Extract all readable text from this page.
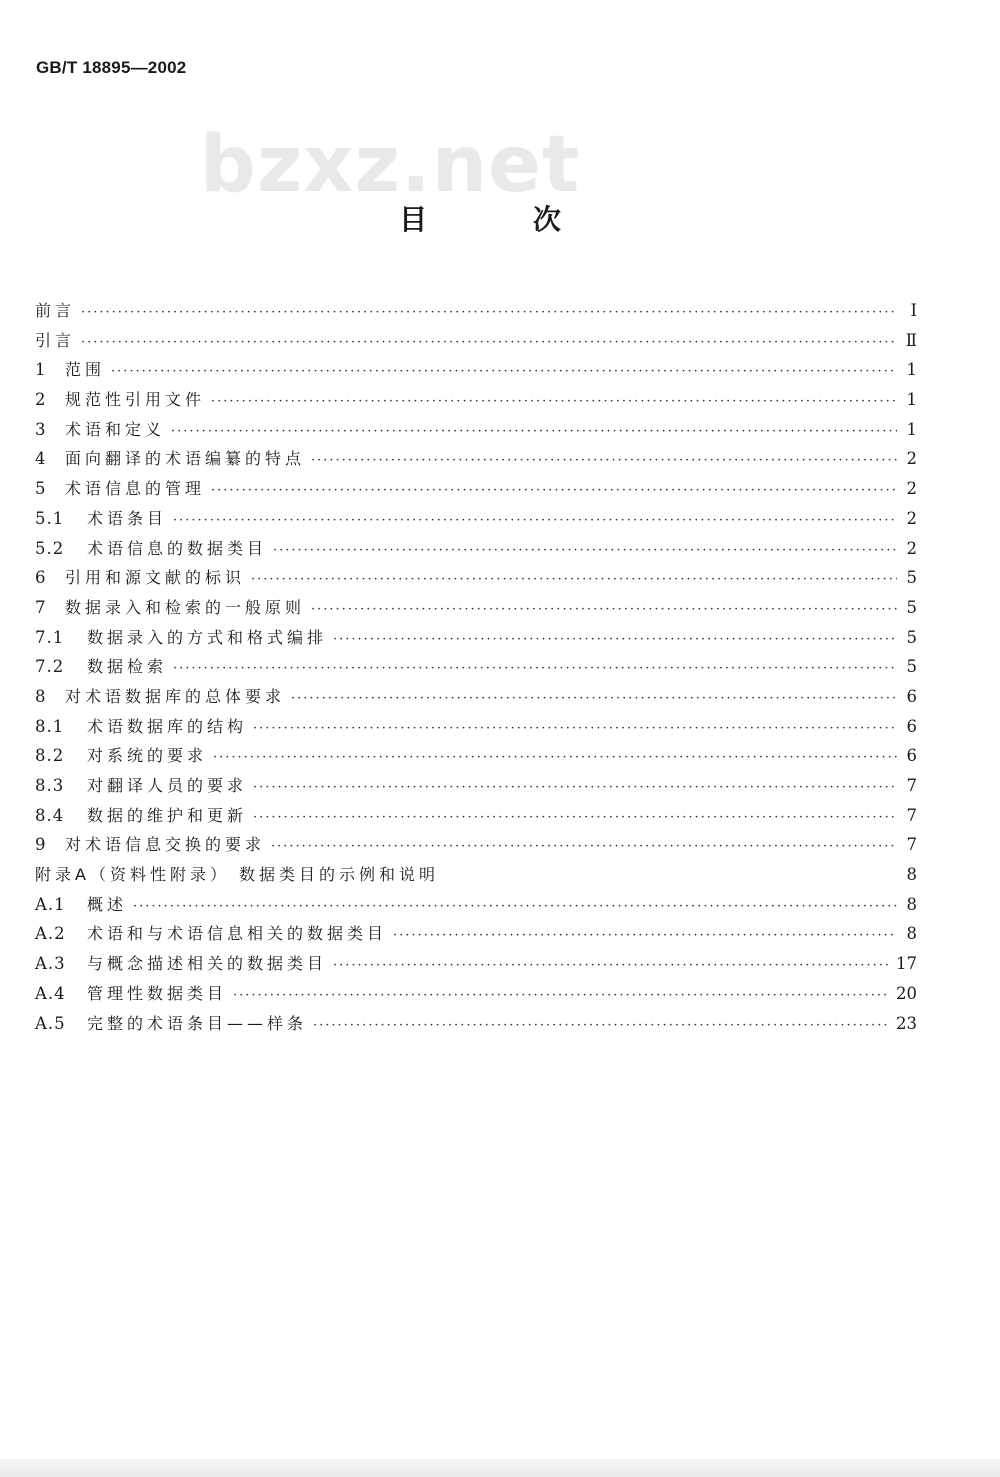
GB/T 18895—2002
bzxz.net
目 次
前言 ·····	Ⅰ
引言 ·····	Ⅱ
1	范围 ·····	1
2	规范性引用文件 ·····	1
3	术语和定义 ·····	1
4	面向翻译的术语编纂的特点 ·····	2
5	术语信息的管理 ·····	2
5.1	术语条目 ·····	2
5.2	术语信息的数据类目 ·····	2
6	引用和源文献的标识 ·····	5
7	数据录入和检索的一般原则 ·····	5
7.1	数据录入的方式和格式编排 ·····	5
7.2	数据检索 ·····	5
8	对术语数据库的总体要求 ·····	6
8.1	术语数据库的结构 ·····	6
8.2	对系统的要求 ·····	6
8.3	对翻译人员的要求 ·····	7
8.4	数据的维护和更新 ·····	7
9	对术语信息交换的要求 ·····	7
附录A（资料性附录） 数据类目的示例和说明	8
A.1	概述 ·····	8
A.2	术语和与术语信息相关的数据类目 ·····	8
A.3	与概念描述相关的数据类目 ·····	17
A.4	管理性数据类目 ·····	20
A.5	完整的术语条目——样条 ·····	23
